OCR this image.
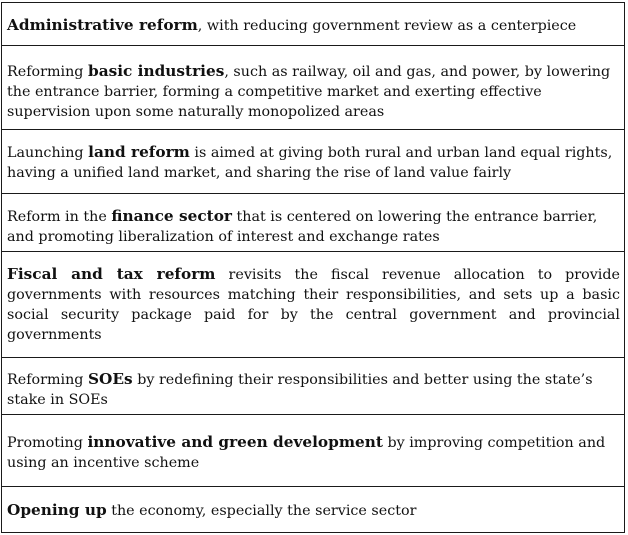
Administrative reform, with reducing government review as a centerpiece

Reforming basic industries, such as railway, oil and gas, and power, by lowering the entrance barrier, forming a competitive market and exerting effective supervision upon some naturally monopolized areas

Launching land reform is aimed at giving both rural and urban land equal rights, having a unified land market, and sharing the rise of land value fairly

Reform in the finance sector that is centered on lowering the entrance barrier, and promoting liberalization of interest and exchange rates

Fiscal and tax reform revisits the fiscal revenue allocation to provide governments with resources matching their responsibilities, and sets up a basic social security package paid for by the central government and provincial governments

Reforming SOEs by redefining their responsibilities and better using the state’s stake in SOEs

Promoting innovative and green development by improving competition and using an incentive scheme

Opening up the economy, especially the service sector
